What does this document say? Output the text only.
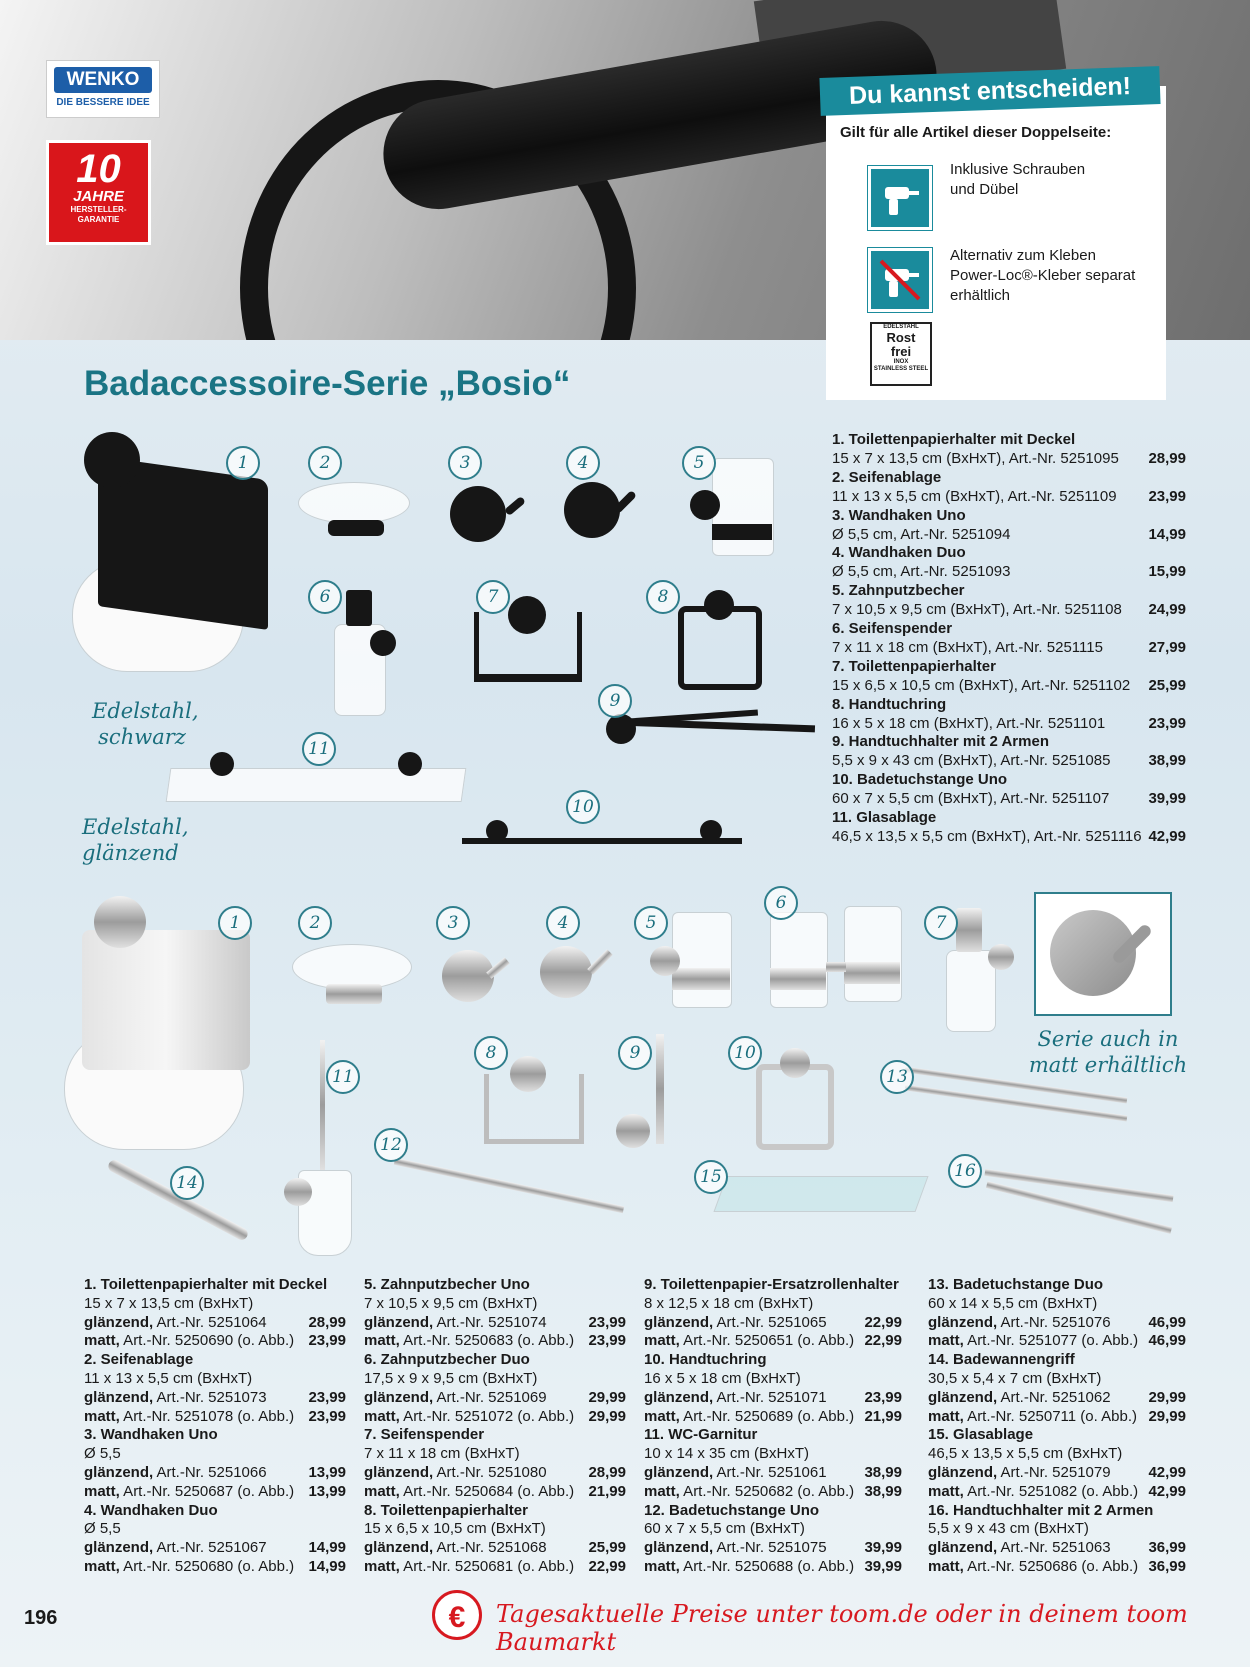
WENKO
DIE BESSERE IDEE
10
JAHRE
HERSTELLER-
GARANTIE
Gilt für alle Artikel dieser Doppelseite:
Inklusive Schrauben
und Dübel
Alternativ zum Kleben
Power-Loc®-Kleber separat
erhältlich
EDELSTAHL
Rost
frei
INOX
STAINLESS STEEL
Du kannst entscheiden!
Badaccessoire-Serie „Bosio“
Edelstahl,
schwarz
Edelstahl,
glänzend
Serie auch in
matt erhältlich
1	2	3	4	5
6	7	8
9
10
11
1	2	3	4	5
6
7
8	9	10
11
12
13
14	15	16
1. Toilettenpapierhalter mit Deckel
15 x 7 x 13,5 cm (BxHxT), Art.-Nr. 5251095	28,99
2. Seifenablage
11 x 13 x 5,5 cm (BxHxT), Art.-Nr. 5251109	23,99
3. Wandhaken Uno
Ø 5,5 cm, Art.-Nr. 5251094	14,99
4. Wandhaken Duo
Ø 5,5 cm, Art.-Nr. 5251093	15,99
5. Zahnputzbecher
7 x 10,5 x 9,5 cm (BxHxT), Art.-Nr. 5251108	24,99
6. Seifenspender
7 x 11 x 18 cm (BxHxT), Art.-Nr. 5251115	27,99
7. Toilettenpapierhalter
15 x 6,5 x 10,5 cm (BxHxT), Art.-Nr. 5251102	25,99
8. Handtuchring
16 x 5 x 18 cm (BxHxT), Art.-Nr. 5251101	23,99
9. Handtuchhalter mit 2 Armen
5,5 x 9 x 43 cm (BxHxT), Art.-Nr. 5251085	38,99
10. Badetuchstange Uno
60 x 7 x 5,5 cm (BxHxT), Art.-Nr. 5251107	39,99
11. Glasablage
46,5 x 13,5 x 5,5 cm (BxHxT), Art.-Nr. 5251116 42,99
1. Toilettenpapierhalter mit Deckel
15 x 7 x 13,5 cm (BxHxT)
glänzend, Art.-Nr. 5251064	28,99
matt, Art.-Nr. 5250690 (o. Abb.) 23,99
2. Seifenablage
11 x 13 x 5,5 cm (BxHxT)
glänzend, Art.-Nr. 5251073	23,99
matt, Art.-Nr. 5251078 (o. Abb.) 23,99
3. Wandhaken Uno
Ø 5,5
glänzend, Art.-Nr. 5251066	13,99
matt, Art.-Nr. 5250687 (o. Abb.) 13,99
4. Wandhaken Duo
Ø 5,5
glänzend, Art.-Nr. 5251067	14,99
matt, Art.-Nr. 5250680 (o. Abb.) 14,99
5. Zahnputzbecher Uno
7 x 10,5 x 9,5 cm (BxHxT)
glänzend, Art.-Nr. 5251074	23,99
matt, Art.-Nr. 5250683 (o. Abb.) 23,99
6. Zahnputzbecher Duo
17,5 x 9 x 9,5 cm (BxHxT)
glänzend, Art.-Nr. 5251069	29,99
matt, Art.-Nr. 5251072 (o. Abb.) 29,99
7. Seifenspender
7 x 11 x 18 cm (BxHxT)
glänzend, Art.-Nr. 5251080	28,99
matt, Art.-Nr. 5250684 (o. Abb.) 21,99
8. Toilettenpapierhalter
15 x 6,5 x 10,5 cm (BxHxT)
glänzend, Art.-Nr. 5251068	25,99
matt, Art.-Nr. 5250681 (o. Abb.) 22,99
9. Toilettenpapier-Ersatzrollenhalter
8 x 12,5 x 18 cm (BxHxT)
glänzend, Art.-Nr. 5251065	22,99
matt, Art.-Nr. 5250651 (o. Abb.) 22,99
10. Handtuchring
16 x 5 x 18 cm (BxHxT)
glänzend, Art.-Nr. 5251071	23,99
matt, Art.-Nr. 5250689 (o. Abb.) 21,99
11. WC-Garnitur
10 x 14 x 35 cm (BxHxT)
glänzend, Art.-Nr. 5251061	38,99
matt, Art.-Nr. 5250682 (o. Abb.) 38,99
12. Badetuchstange Uno
60 x 7 x 5,5 cm (BxHxT)
glänzend, Art.-Nr. 5251075	39,99
matt, Art.-Nr. 5250688 (o. Abb.) 39,99
13. Badetuchstange Duo
60 x 14 x 5,5 cm (BxHxT)
glänzend, Art.-Nr. 5251076	46,99
matt, Art.-Nr. 5251077 (o. Abb.) 46,99
14. Badewannengriff
30,5 x 5,4 x 7 cm (BxHxT)
glänzend, Art.-Nr. 5251062	29,99
matt, Art.-Nr. 5250711 (o. Abb.) 29,99
15. Glasablage
46,5 x 13,5 x 5,5 cm (BxHxT)
glänzend, Art.-Nr. 5251079	42,99
matt, Art.-Nr. 5251082 (o. Abb.) 42,99
16. Handtuchhalter mit 2 Armen
5,5 x 9 x 43 cm (BxHxT)
glänzend, Art.-Nr. 5251063	36,99
matt, Art.-Nr. 5250686 (o. Abb.) 36,99
196	€	Tagesaktuelle Preise unter toom.de oder in deinem toom Baumarkt
